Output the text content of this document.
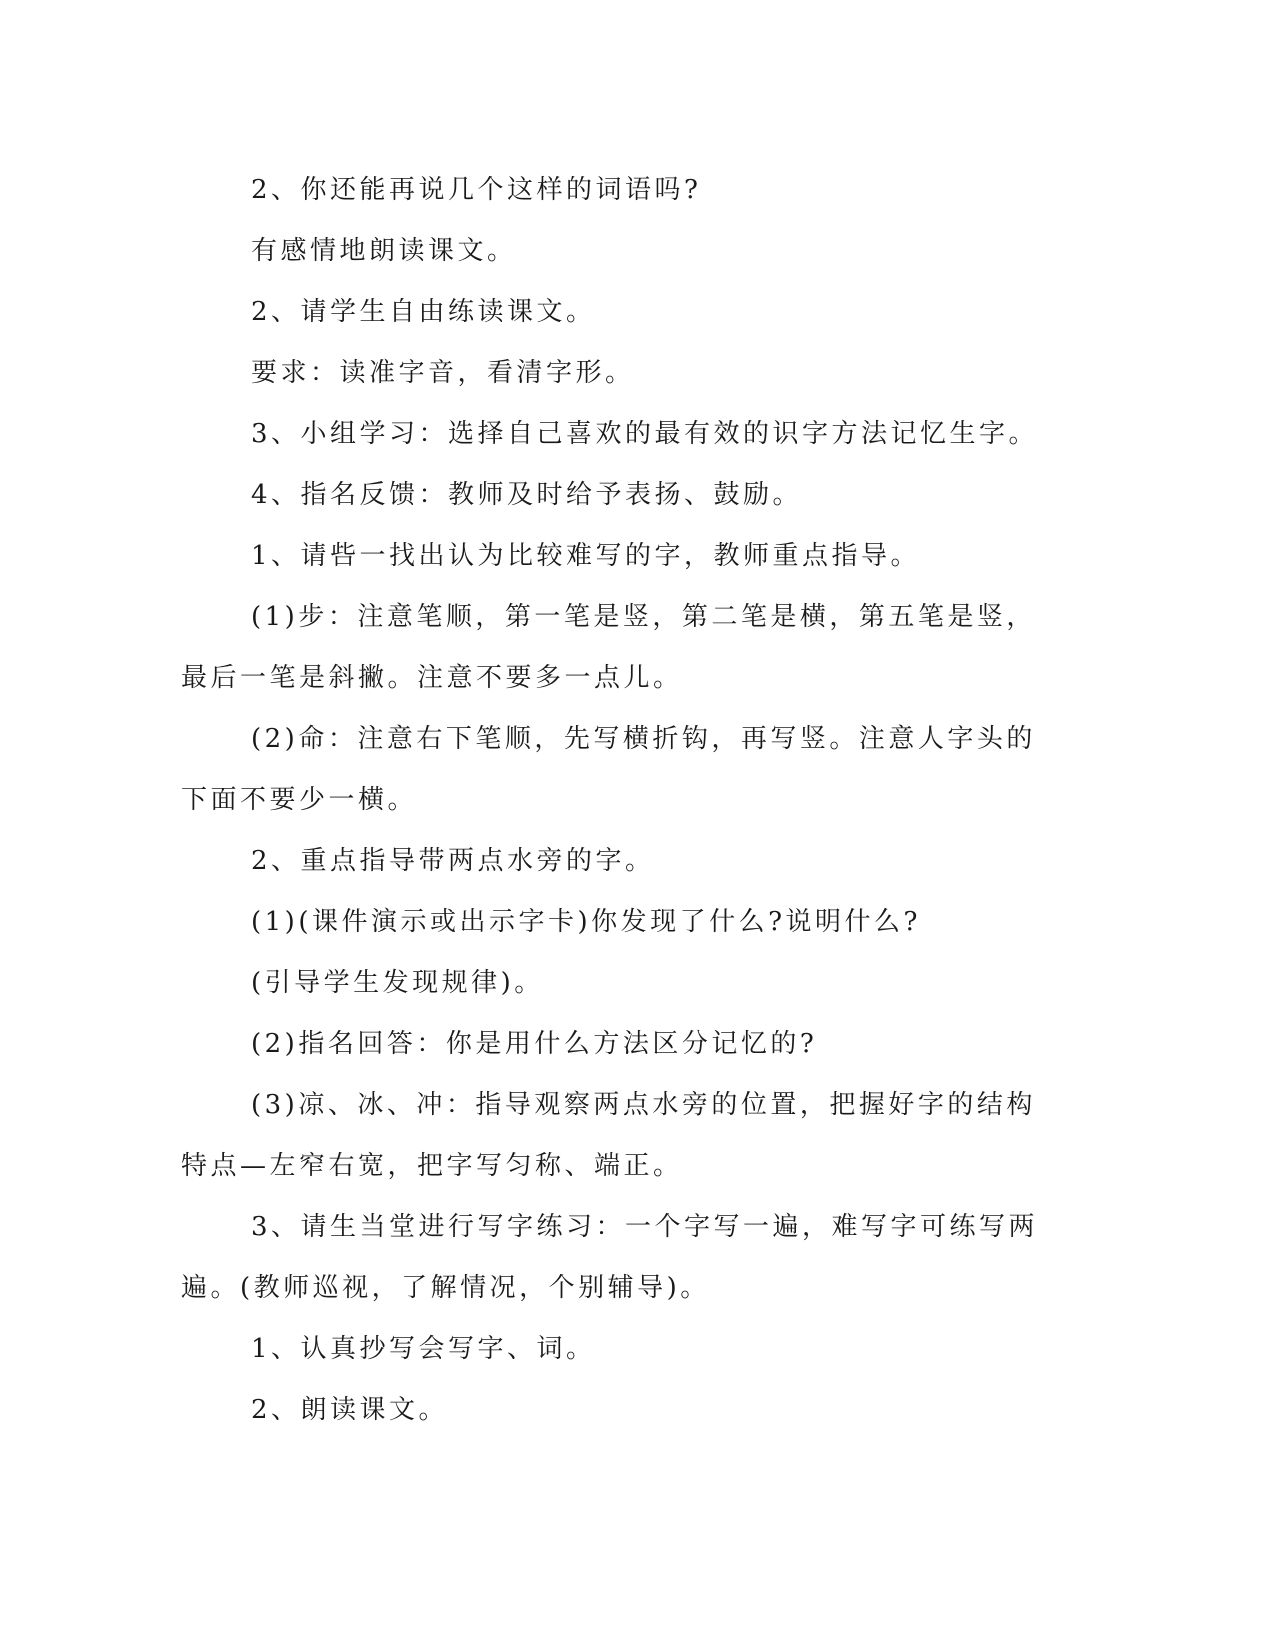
2、你还能再说几个这样的词语吗?

有感情地朗读课文。

2、请学生自由练读课文。

要求：读准字音，看清字形。

3、小组学习：选择自己喜欢的最有效的识字方法记忆生字。

4、指名反馈：教师及时给予表扬、鼓励。

1、请呰一找出认为比较难写的字，教师重点指导。

(1)步：注意笔顺，第一笔是竖，第二笔是横，第五笔是竖，最后一笔是斜撇。注意不要多一点儿。

(2)命：注意右下笔顺，先写横折钩，再写竖。注意人字头的下面不要少一横。

2、重点指导带两点水旁的字。

(1)(课件演示或出示字卡)你发现了什么?说明什么?

(引导学生发现规律)。

(2)指名回答：你是用什么方法区分记忆的?

(3)凉、冰、冲：指导观察两点水旁的位置，把握好字的结构特点—左窄右宽，把字写匀称、端正。

3、请生当堂进行写字练习：一个字写一遍，难写字可练写两遍。(教师巡视，了解情况，个别辅导)。

1、认真抄写会写字、词。

2、朗读课文。
